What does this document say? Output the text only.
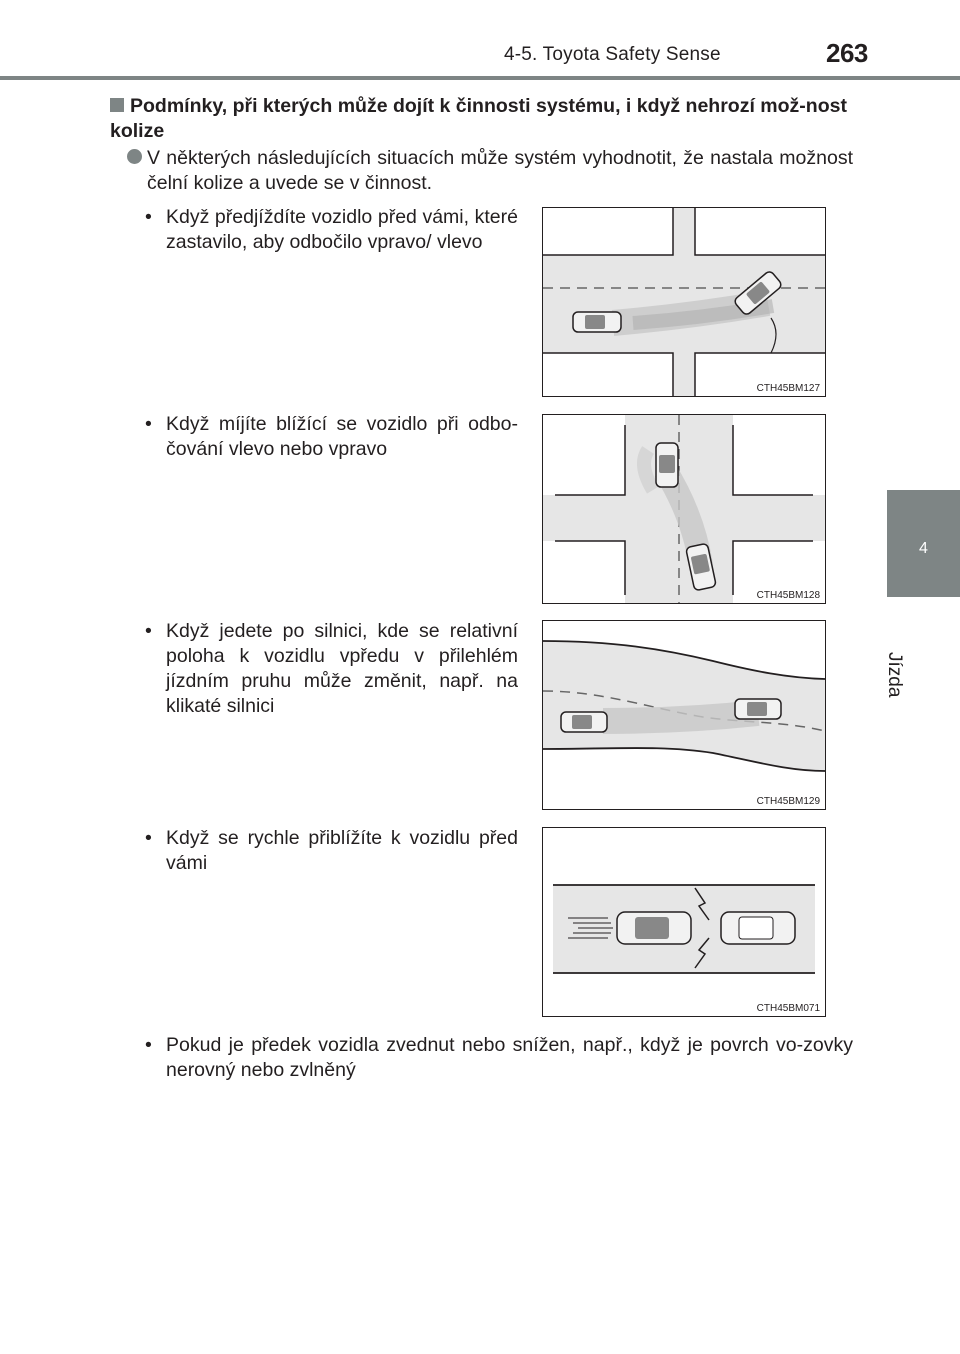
4-5. Toyota Safety Sense	263
4
Jízda
Podmínky, při kterých může dojít k činnosti systému, i když nehrozí mož-nost kolize

V některých následujících situacích může systém vyhodnotit, že nastala možnost čelní kolize a uvede se v činnost.

• Když předjíždíte vozidlo před vámi, které zastavilo, aby odbočilo vpravo/ vlevo

CTH45BM127
• Když míjíte blížící se vozidlo při odbo-čování vlevo nebo vpravo

CTH45BM128
• Když jedete po silnici, kde se relativní poloha k vozidlu vpředu v přilehlém jízdním pruhu může změnit, např. na klikaté silnici

CTH45BM129
• Když se rychle přiblížíte k vozidlu před vámi

CTH45BM071
• Pokud je předek vozidla zvednut nebo snížen, např., když je povrch vo-zovky nerovný nebo zvlněný
